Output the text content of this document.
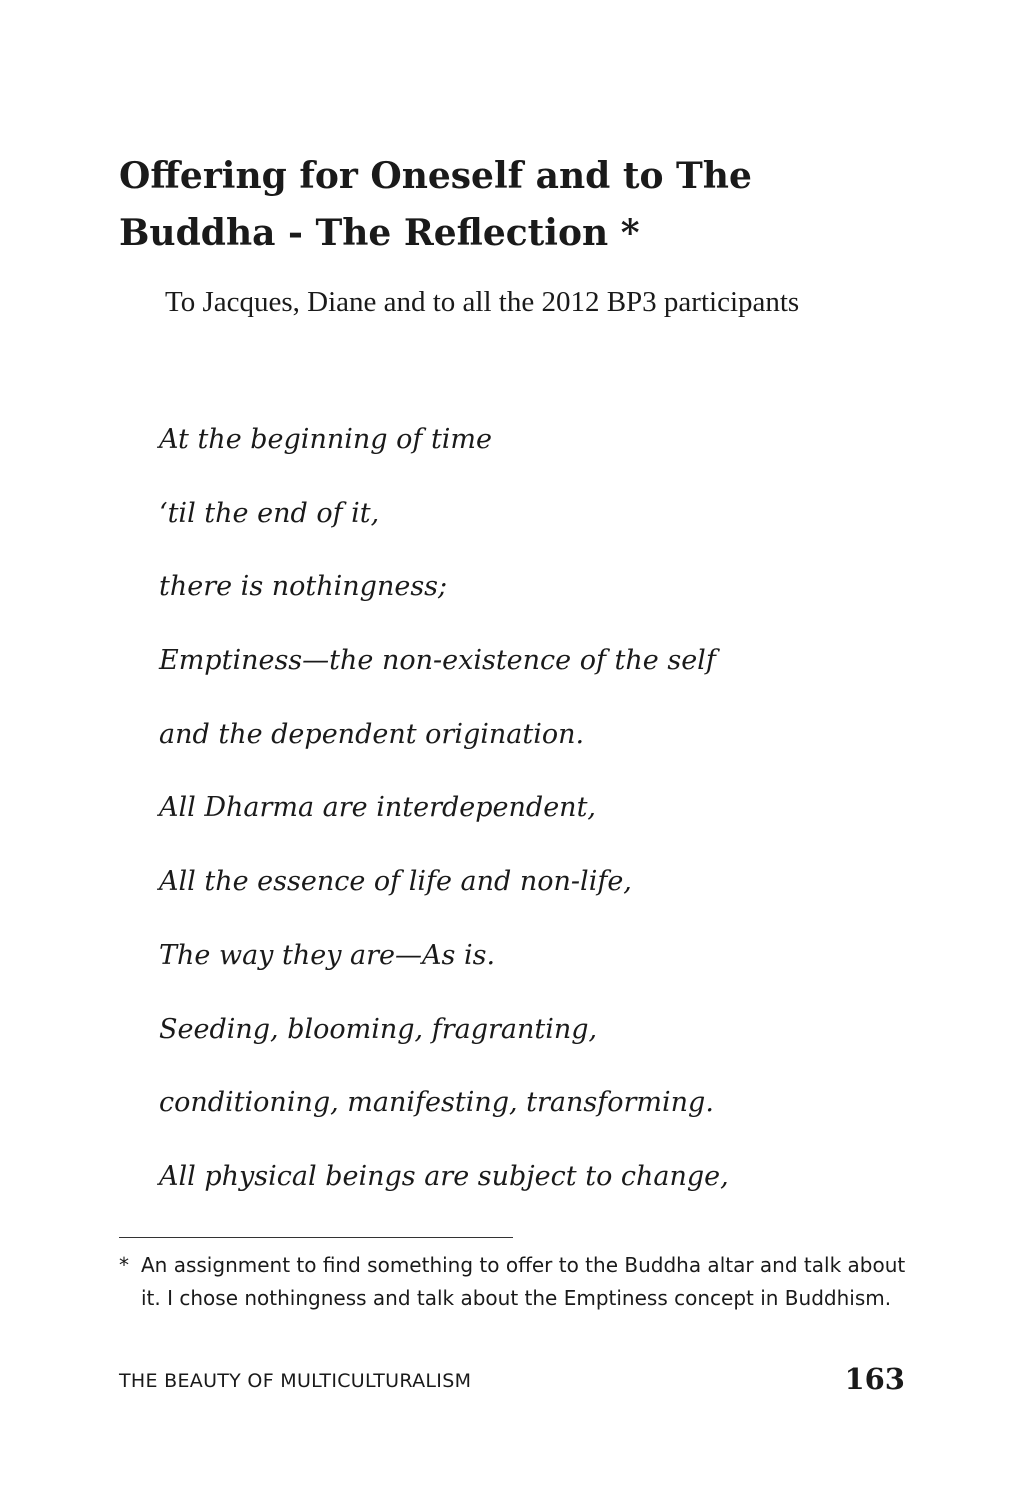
Offering for Oneself and to The
Buddha - The Reflection *
To Jacques, Diane and to all the 2012 BP3 participants
At the beginning of time
‘til the end of it,
there is nothingness;
Emptiness—the non-existence of the self
and the dependent origination.
All Dharma are interdependent,
All the essence of life and non-life,
The way they are—As is.
Seeding, blooming, fragranting,
conditioning, manifesting, transforming.
All physical beings are subject to change,
* An assignment to find something to offer to the Buddha altar and talk about it. I chose nothingness and talk about the Emptiness concept in Buddhism.
THE BEAUTY OF MULTICULTURALISM	163
